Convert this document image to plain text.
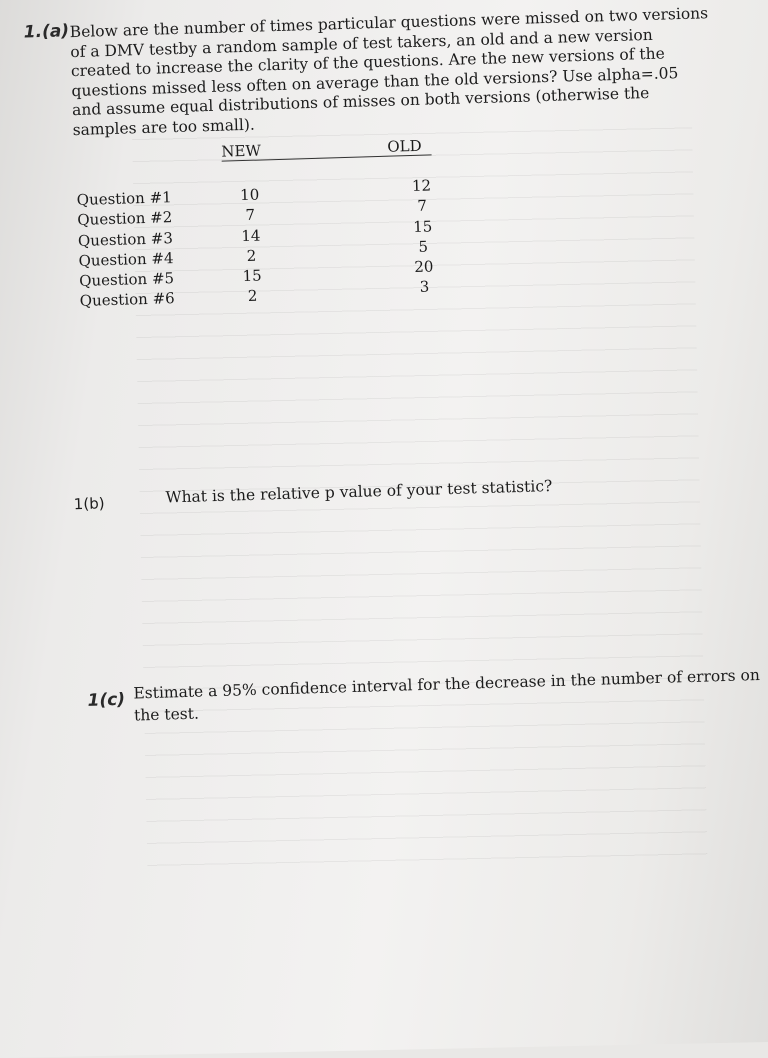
1.(a) Below are the number of times particular questions were missed on two versions of a DMV testby a random sample of test takers, an old and a new version created to increase the clarity of the questions. Are the new versions of the questions missed less often on average than the old versions? Use alpha=.05 and assume equal distributions of misses on both versions (otherwise the samples are too small).

NEW	OLD
Question #1
Question #2
Question #3
Question #4
Question #5
Question #6
10
7
14
2
15
2
12
7
15
5
20
3
1(b)	What is the relative p value of your test statistic?
1(c) Estimate a 95% confidence interval for the decrease in the number of errors on the test.
